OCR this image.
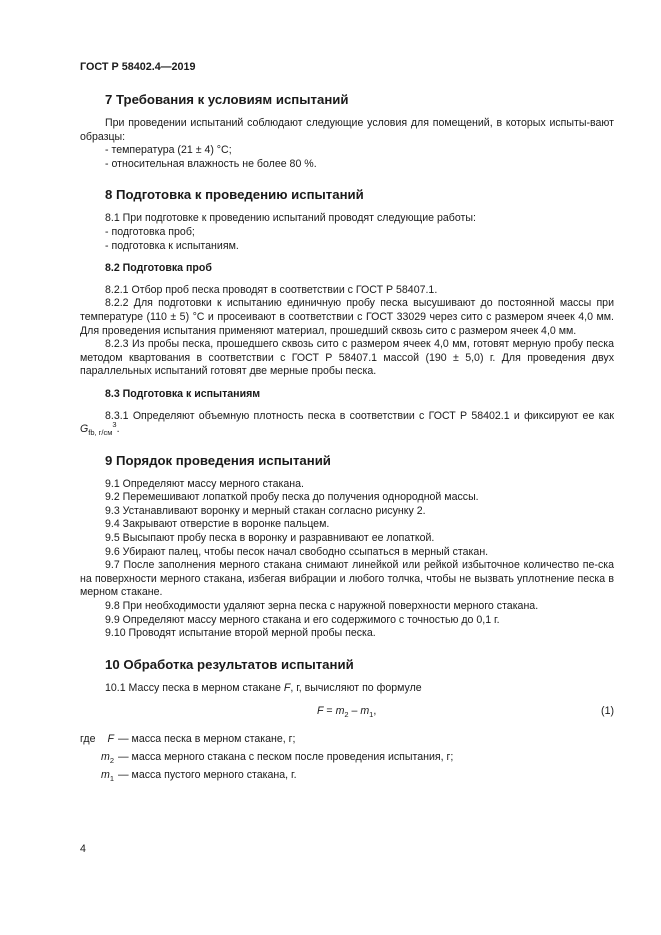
ГОСТ Р 58402.4—2019
7 Требования к условиям испытаний

При проведении испытаний соблюдают следующие условия для помещений, в которых испыты-вают образцы:

- температура (21 ± 4) °С;

- относительная влажность не более 80 %.

8 Подготовка к проведению испытаний

8.1 При подготовке к проведению испытаний проводят следующие работы:

- подготовка проб;

- подготовка к испытаниям.

8.2 Подготовка проб

8.2.1 Отбор проб песка проводят в соответствии с ГОСТ Р 58407.1.

8.2.2 Для подготовки к испытанию единичную пробу песка высушивают до постоянной массы при температуре (110 ± 5) °С и просеивают в соответствии с ГОСТ 33029 через сито с размером ячеек 4,0 мм. Для проведения испытания применяют материал, прошедший сквозь сито с размером ячеек 4,0 мм.

8.2.3 Из пробы песка, прошедшего сквозь сито с размером ячеек 4,0 мм, готовят мерную пробу песка методом квартования в соответствии с ГОСТ Р 58407.1 массой (190 ± 5,0) г. Для проведения двух параллельных испытаний готовят две мерные пробы песка.

8.3 Подготовка к испытаниям

8.3.1 Определяют объемную плотность песка в соответствии с ГОСТ Р 58402.1 и фиксируют ее как $G_{fb, г/см}^3$.

9 Порядок проведения испытаний

9.1 Определяют массу мерного стакана.

9.2 Перемешивают лопаткой пробу песка до получения однородной массы.

9.3 Устанавливают воронку и мерный стакан согласно рисунку 2.

9.4 Закрывают отверстие в воронке пальцем.

9.5 Высыпают пробу песка в воронку и разравнивают ее лопаткой.

9.6 Убирают палец, чтобы песок начал свободно ссыпаться в мерный стакан.

9.7 После заполнения мерного стакана снимают линейкой или рейкой избыточное количество пе-ска на поверхности мерного стакана, избегая вибрации и любого толчка, чтобы не вызвать уплотнение песка в мерном стакане.

9.8 При необходимости удаляют зерна песка с наружной поверхности мерного стакана.

9.9 Определяют массу мерного стакана и его содержимого с точностью до 0,1 г.

9.10 Проводят испытание второй мерной пробы песка.

10 Обработка результатов испытаний

10.1 Массу песка в мерном стакане F, г, вычисляют по формуле

$F = m_2 - m_1$,	(1)
где F — масса песка в мерном стакане, г;
$m_2$ — масса мерного стакана с песком после проведения испытания, г;
$m_1$ — масса пустого мерного стакана, г.
4
